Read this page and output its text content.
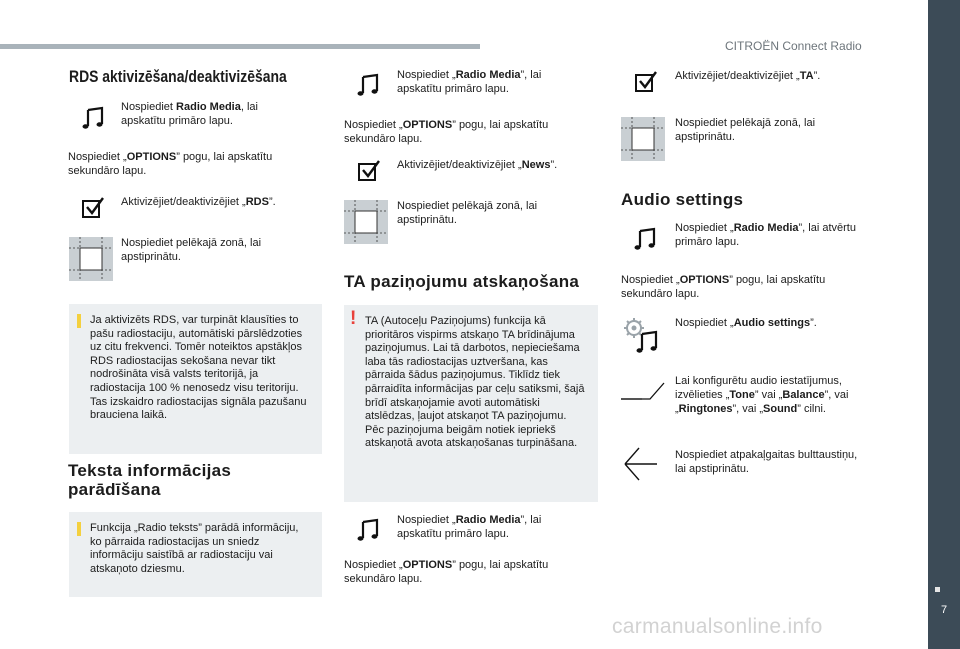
CITROËN Connect Radio
7
carmanualsonline.info
RDS aktivizēšana/deaktivizēšana
Nospiediet Radio Media, lai apskatītu primāro lapu.
Nospiediet „OPTIONS” pogu, lai apskatītu sekundāro lapu.
Aktivizējiet/deaktivizējiet „RDS”.
Nospiediet pelēkajā zonā, lai apstiprinātu.
Ja aktivizēts RDS, var turpināt klausīties to pašu radiostaciju, automātiski pārslēdzoties uz citu frekvenci. Tomēr noteiktos apstākļos RDS radiostacijas sekošana nevar tikt nodrošināta visā valsts teritorijā, ja radiostacija 100 % nenosedz visu teritoriju. Tas izskaidro radiostacijas signāla pazušanu brauciena laikā.
Teksta informācijas parādīšana
Funkcija „Radio teksts” parādā informāciju, ko pārraida radiostacijas un sniedz informāciju saistībā ar radiostaciju vai atskaņoto dziesmu.
Nospiediet „Radio Media”, lai apskatītu primāro lapu.
Nospiediet „OPTIONS” pogu, lai apskatītu sekundāro lapu.
Aktivizējiet/deaktivizējiet „News”.
Nospiediet pelēkajā zonā, lai apstiprinātu.
TA paziņojumu atskaņošana
! TA (Autoceļu Paziņojums) funkcija kā prioritāros vispirms atskaņo TA brīdinājuma paziņojumus. Lai tā darbotos, nepieciešama laba tās radiostacijas uztveršana, kas pārraida šādus paziņojumus. Tiklīdz tiek pārraidīta informācijas par ceļu satiksmi, šajā brīdī atskaņojamie avoti automātiski atslēdzas, ļaujot atskaņot TA paziņojumu. Pēc paziņojuma beigām notiek iepriekš atskaņotā avota atskaņošanas turpināšana.
Nospiediet „Radio Media”, lai apskatītu primāro lapu.
Nospiediet „OPTIONS” pogu, lai apskatītu sekundāro lapu.
Aktivizējiet/deaktivizējiet „TA”.
Nospiediet pelēkajā zonā, lai apstiprinātu.
Audio settings
Nospiediet „Radio Media”, lai atvērtu primāro lapu.
Nospiediet „OPTIONS” pogu, lai apskatītu sekundāro lapu.
Nospiediet „Audio settings”.
Lai konfigurētu audio iestatījumus, izvēlieties „Tone” vai „Balance”, vai „Ringtones”, vai „Sound” cilni.
Nospiediet atpakaļgaitas bulttaustiņu, lai apstiprinātu.
